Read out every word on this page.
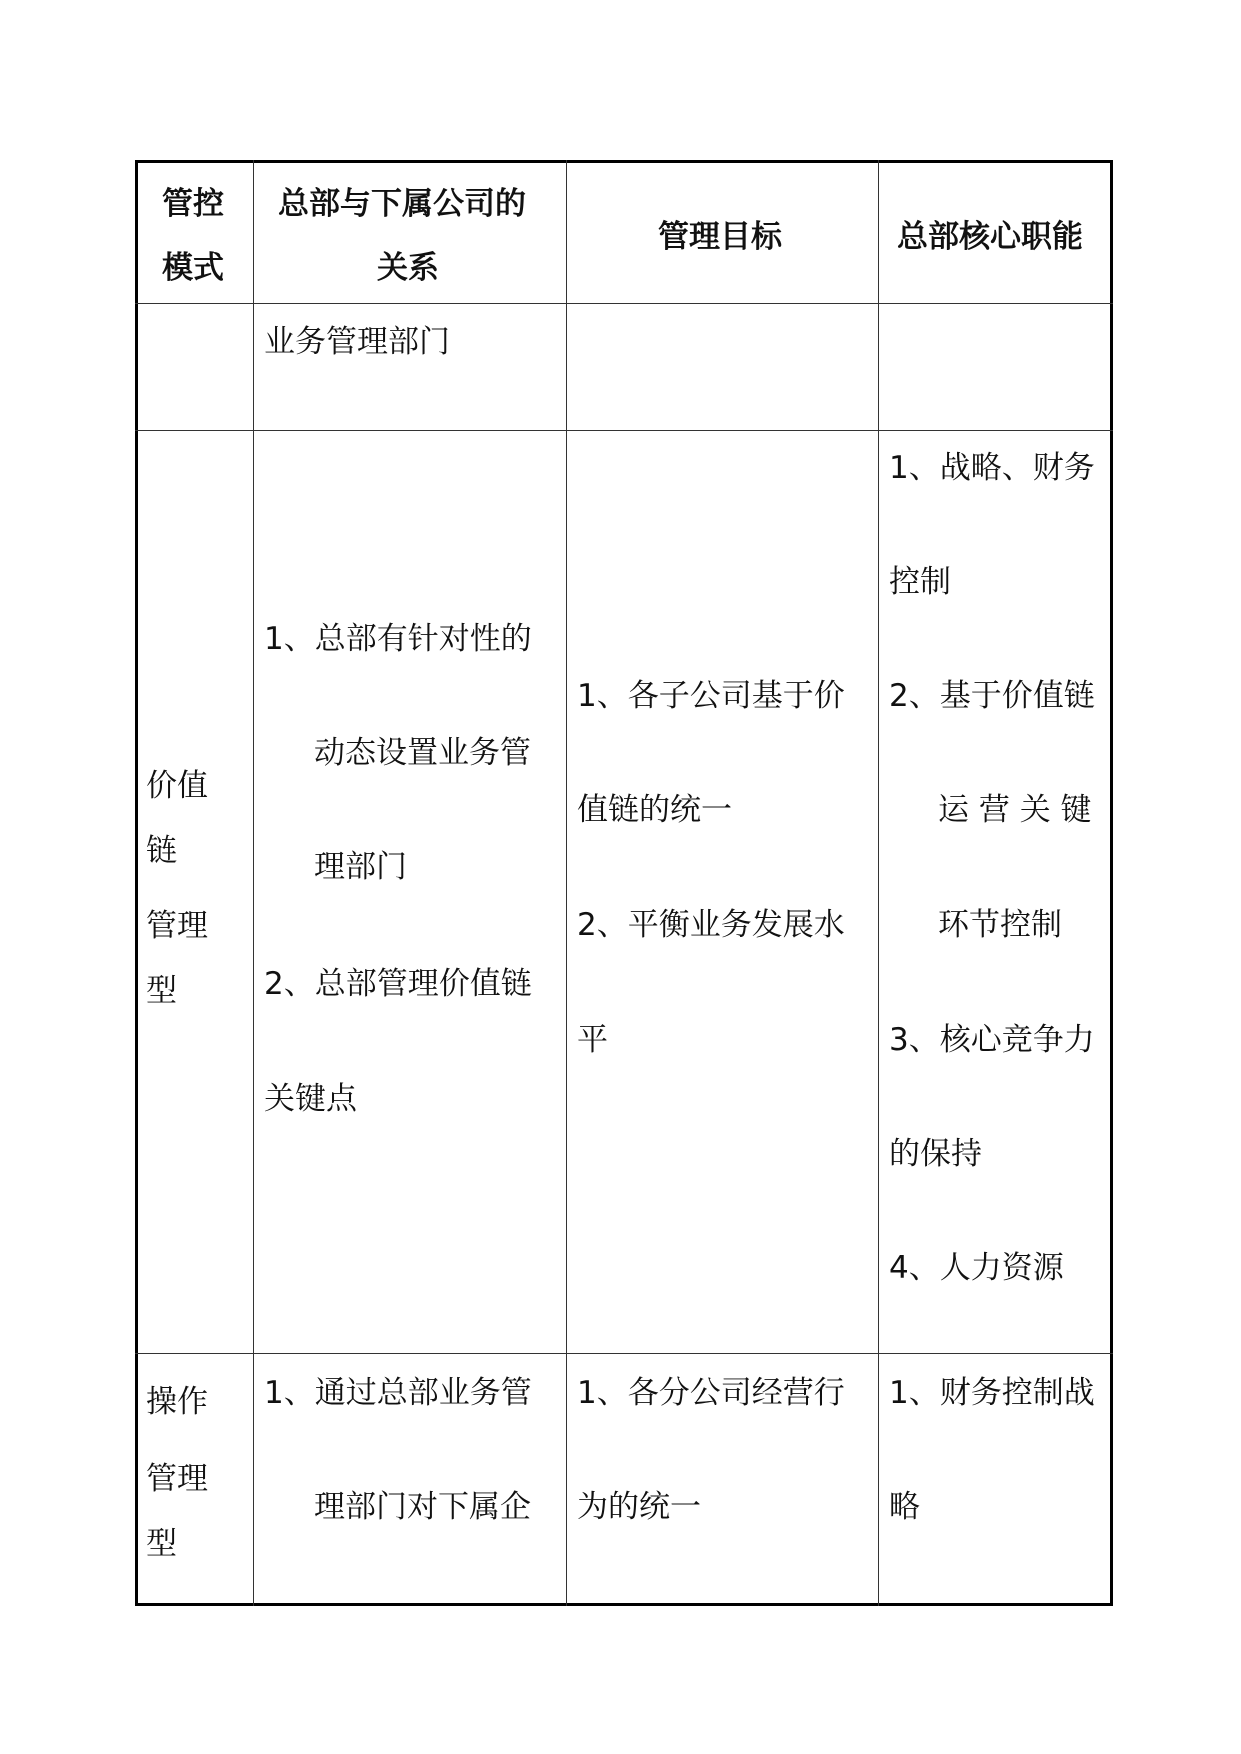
管控
模式
总部与下属公司的
关系
管理目标	总部核心职能
业务管理部门
价值
链
管理
型
1、总部有针对性的
动态设置业务管
理部门
2、总部管理价值链
关键点
1、各子公司基于价
值链的统一
2、平衡业务发展水
平
1、战略、财务
控制
2、基于价值链
运 营 关 键
环节控制
3、核心竞争力
的保持
4、人力资源
操作
管理
型
1、通过总部业务管
理部门对下属企
1、各分公司经营行
为的统一
1、财务控制战
略
